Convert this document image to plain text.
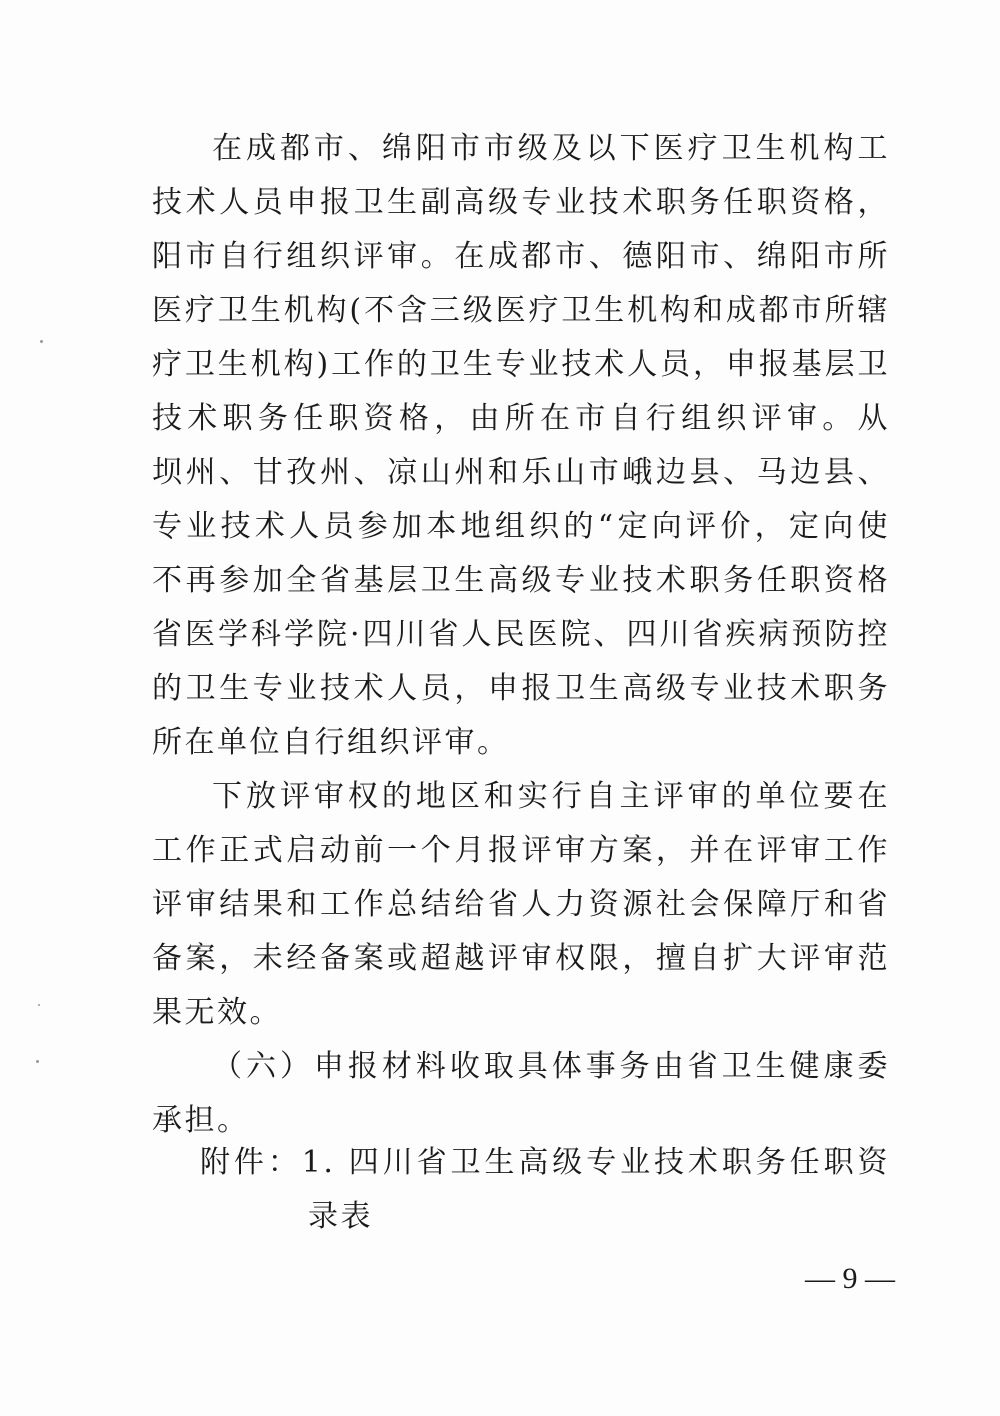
在成都市、绵阳市市级及以下医疗卫生机构工
技术人员申报卫生副高级专业技术职务任职资格，
阳市自行组织评审。在成都市、德阳市、绵阳市所
医疗卫生机构(不含三级医疗卫生机构和成都市所辖
疗卫生机构)工作的卫生专业技术人员，申报基层卫
技术职务任职资格，由所在市自行组织评审。从
坝州、甘孜州、凉山州和乐山市峨边县、马边县、
专业技术人员参加本地组织的“定向评价，定向使
不再参加全省基层卫生高级专业技术职务任职资格
省医学科学院·四川省人民医院、四川省疾病预防控
的卫生专业技术人员，申报卫生高级专业技术职务
所在单位自行组织评审。
下放评审权的地区和实行自主评审的单位要在
工作正式启动前一个月报评审方案，并在评审工作
评审结果和工作总结给省人力资源社会保障厅和省
备案，未经备案或超越评审权限，擅自扩大评审范
果无效。
（六）申报材料收取具体事务由省卫生健康委
承担。
附件：1. 四川省卫生高级专业技术职务任职资
录表
— 9 —
